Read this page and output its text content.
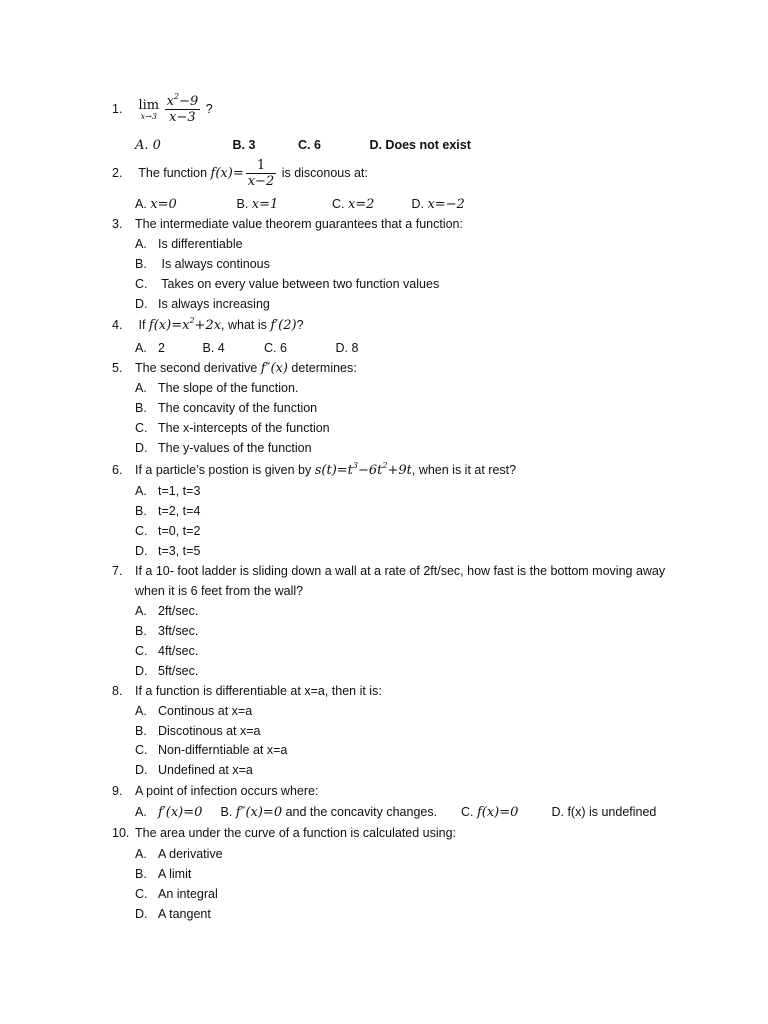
1. lim
x→3
$\frac{x^2-9}{x-3}$ ?
A. 0	B. 3	C. 6	D. Does not exist
2. The function $f(x)= \frac{1}{x-2}$ is disconous at:
A. x=0	B. x=1	C. x=2	D. x=−2
3. The intermediate value theorem guarantees that a function:
A. Is differentiable
B. Is always continous
C. Takes on every value between two function values
D. Is always increasing
4. If $f(x)=x^2+2x$, what is f′(2)?
A. 2	B. 4	C. 6	D. 8
5. The second derivative f″(x) determines:
A. The slope of the function.
B. The concavity of the function
C. The x-intercepts of the function
D. The y-values of the function
6. If a particle’s postion is given by $s(t)=t^3-6t^2+9t$, when is it at rest?
A. t=1, t=3
B. t=2, t=4
C. t=0, t=2
D. t=3, t=5
7. If a 10- foot ladder is sliding down a wall at a rate of 2ft/sec, how fast is the bottom moving away
when it is 6 feet from the wall?
A. 2ft/sec.
B. 3ft/sec.
C. 4ft/sec.
D. 5ft/sec.
8. If a function is differentiable at x=a, then it is:
A. Continous at x=a
B. Discotinous at x=a
C. Non-differntiable at x=a
D. Undefined at x=a
9. A point of infection occurs where:
A. f′(x)=0 B. f″(x)=0 and the concavity changes. C. f(x)=0	D. f(x) is undefined
10. The area under the curve of a function is calculated using:
A. A derivative
B. A limit
C. An integral
D. A tangent
